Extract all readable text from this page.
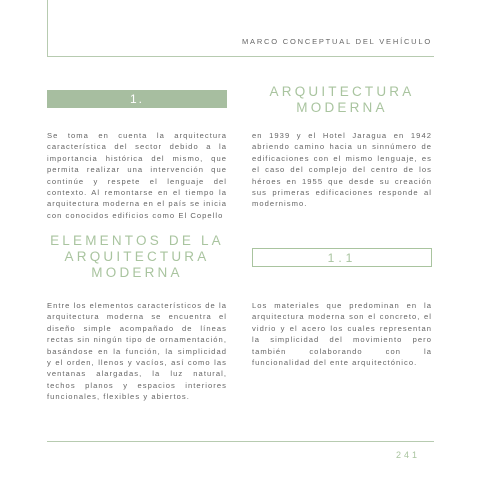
MARCO CONCEPTUAL DEL VEHÍCULO
1.	ARQUITECTURA MODERNA

Se toma en cuenta la arquitectura característica del sector debido a la importancia histórica del mismo, que permita realizar una intervención que continúe y respete el lenguaje del contexto. Al remontarse en el tiempo la arquitectura moderna en el país se inicia con conocidos edificios como El Copello

en 1939 y el Hotel Jaragua en 1942 abriendo camino hacia un sinnúmero de edificaciones con el mismo lenguaje, es el caso del complejo del centro de los héroes en 1955 que desde su creación sus primeras edificaciones responde al modernismo.

ELEMENTOS DE LA ARQUITECTURA MODERNA
1.1

Entre los elementos característicos de la arquitectura moderna se encuentra el diseño simple acompañado de líneas rectas sin ningún tipo de ornamentación, basándose en la función, la simplicidad y el orden, llenos y vacíos, así como las ventanas alargadas, la luz natural, techos planos y espacios interiores funcionales, flexibles y abiertos.

Los materiales que predominan en la arquitectura moderna son el concreto, el vidrio y el acero los cuales representan la simplicidad del movimiento pero también colaborando con la funcionalidad del ente arquitectónico.

241
